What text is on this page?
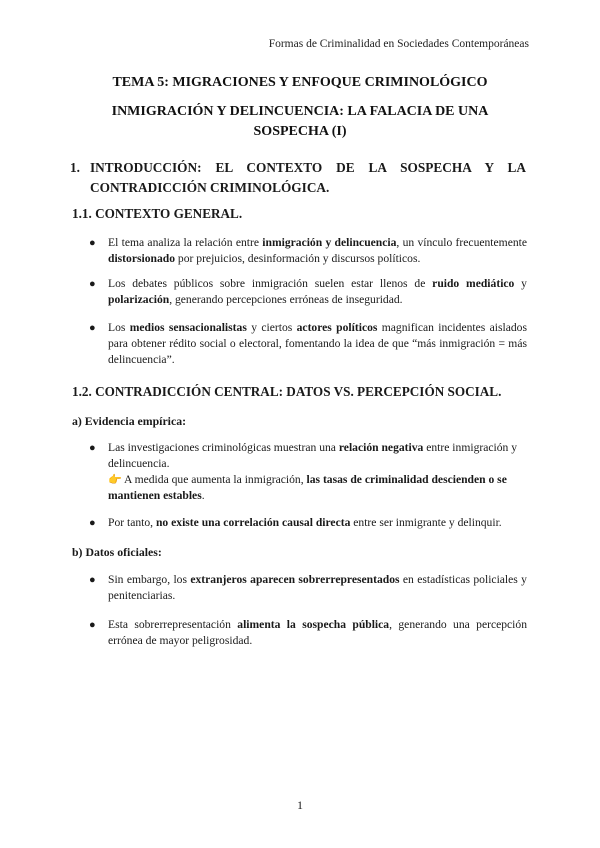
Formas de Criminalidad en Sociedades Contemporáneas
TEMA 5: MIGRACIONES Y ENFOQUE CRIMINOLÓGICO
INMIGRACIÓN Y DELINCUENCIA: LA FALACIA DE UNA
SOSPECHA (I)
1. INTRODUCCIÓN: EL CONTEXTO DE LA SOSPECHA Y LA CONTRADICCIÓN CRIMINOLÓGICA.
1.1. CONTEXTO GENERAL.
● El tema analiza la relación entre inmigración y delincuencia, un vínculo frecuentemente distorsionado por prejuicios, desinformación y discursos políticos.
● Los debates públicos sobre inmigración suelen estar llenos de ruido mediático y polarización, generando percepciones erróneas de inseguridad.
● Los medios sensacionalistas y ciertos actores políticos magnifican incidentes aislados para obtener rédito social o electoral, fomentando la idea de que “más inmigración = más delincuencia”.
1.2. CONTRADICCIÓN CENTRAL: DATOS VS. PERCEPCIÓN SOCIAL.
a) Evidencia empírica:
● Las investigaciones criminológicas muestran una relación negativa entre inmigración y delincuencia.
👉 A medida que aumenta la inmigración, las tasas de criminalidad descienden o se mantienen estables.
● Por tanto, no existe una correlación causal directa entre ser inmigrante y delinquir.
b) Datos oficiales:
● Sin embargo, los extranjeros aparecen sobrerrepresentados en estadísticas policiales y penitenciarias.
● Esta sobrerrepresentación alimenta la sospecha pública, generando una percepción errónea de mayor peligrosidad.
1
